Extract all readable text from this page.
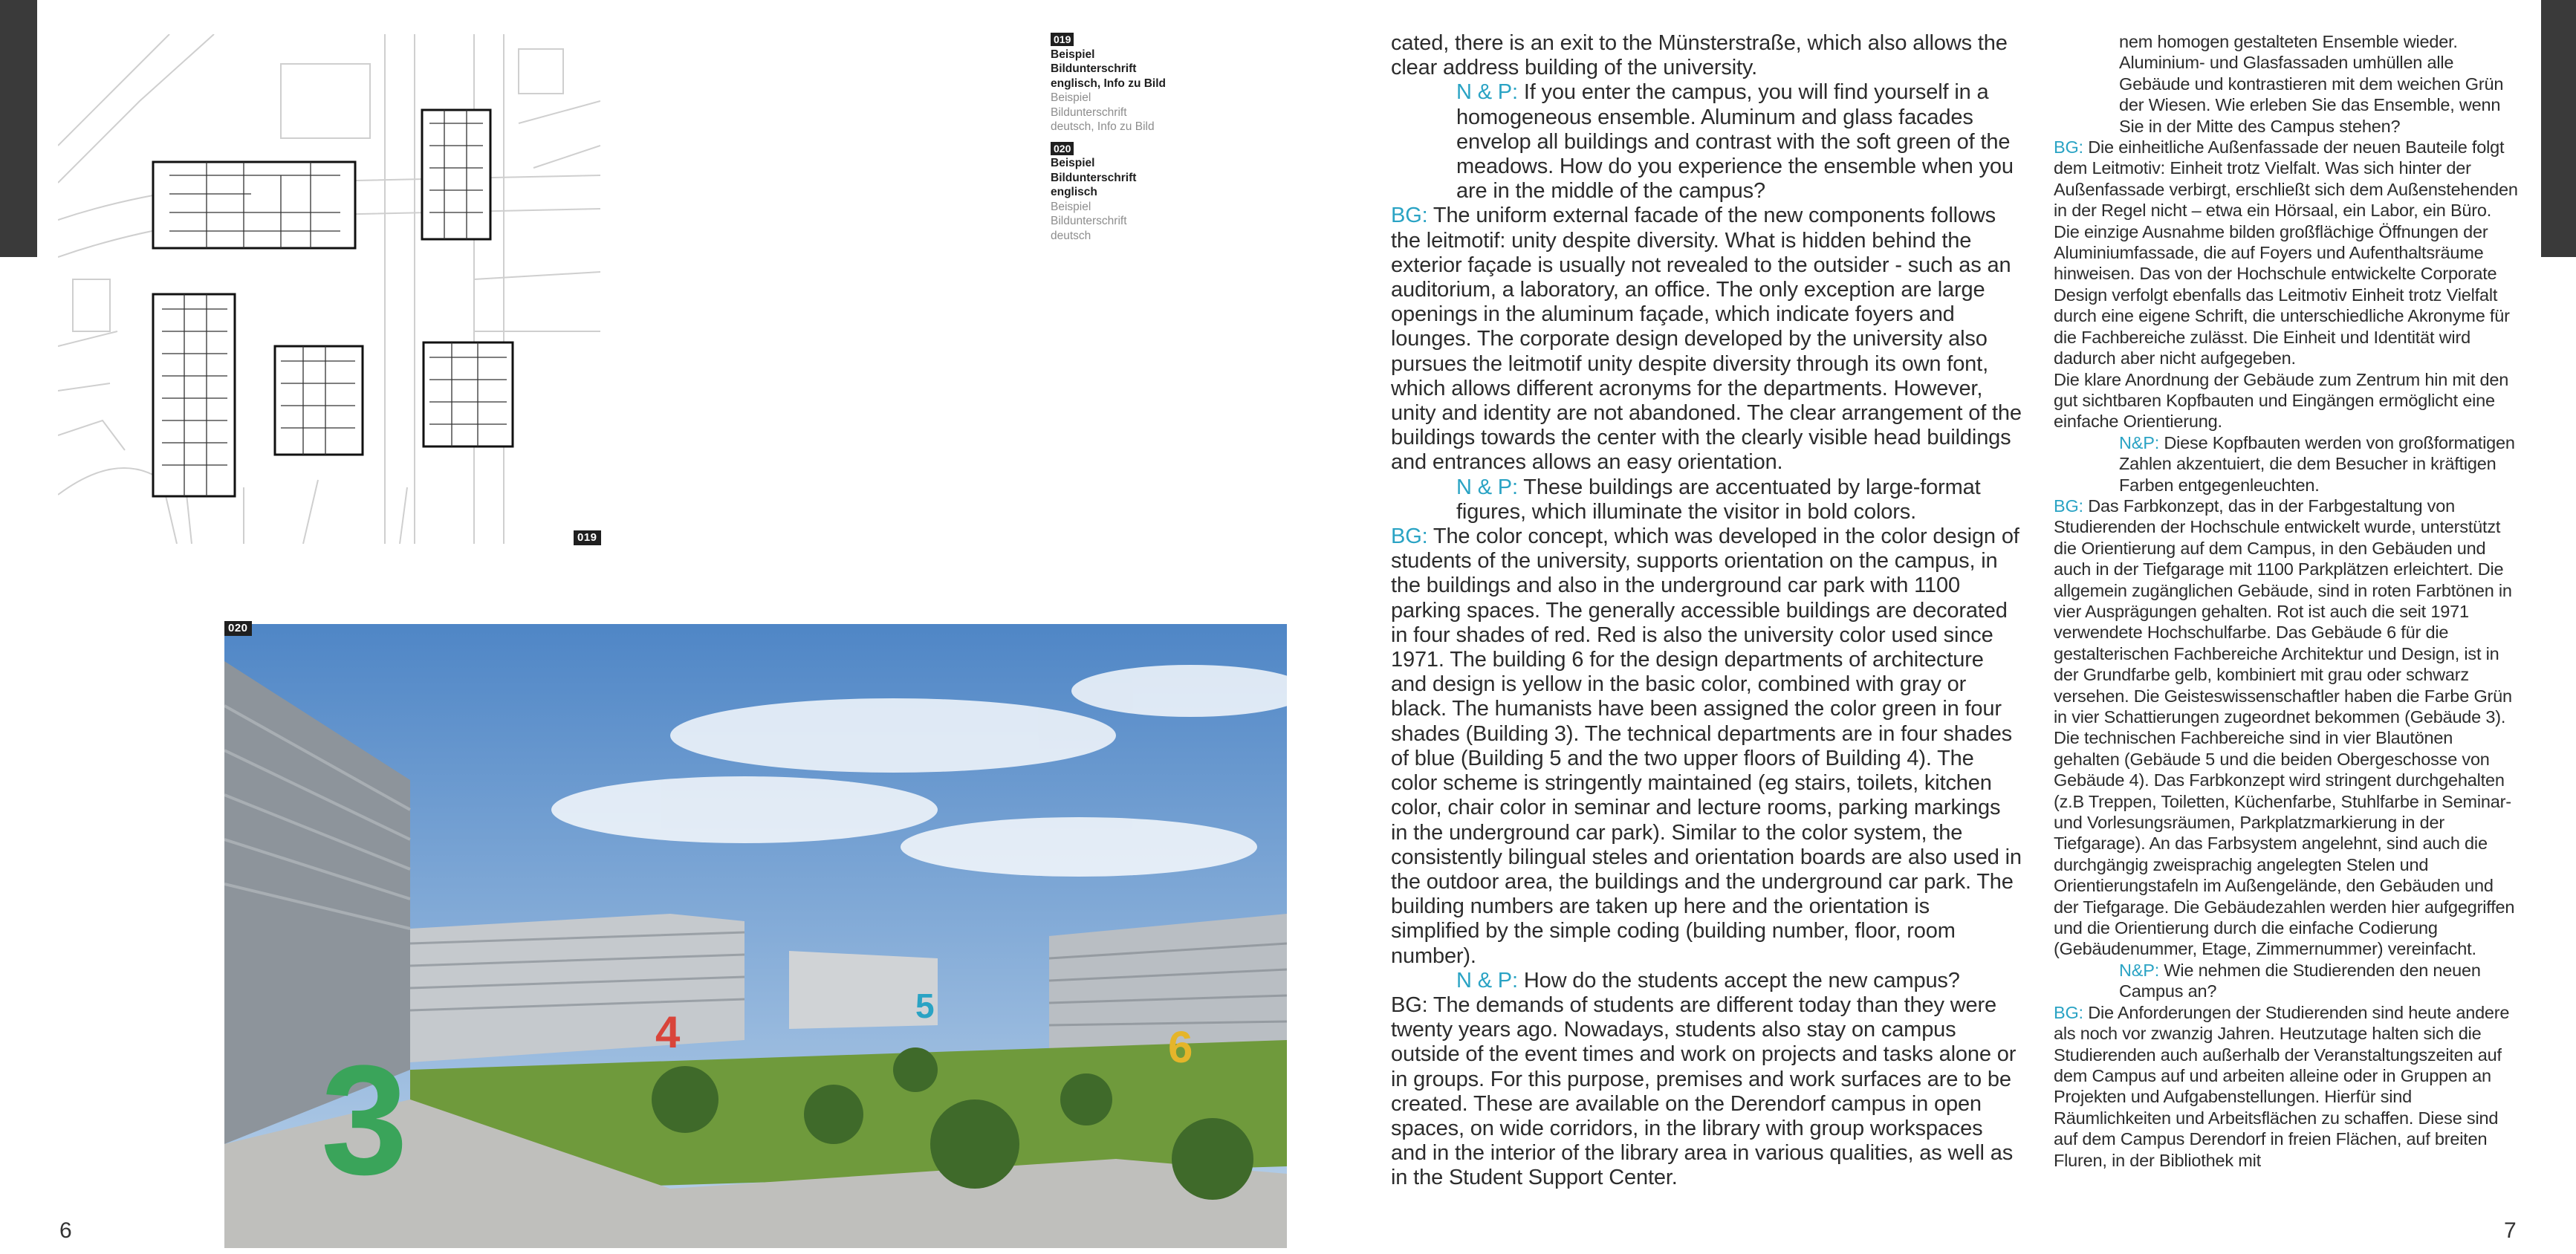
019
020
3
4
5
6
019
Beispiel Bildunterschrift englisch, Info zu Bild
Beispiel Bildunterschrift deutsch, Info zu Bild
020
Beispiel Bildunterschrift englisch
Beispiel Bildunterschrift deutsch

cated, there is an exit to the Münsterstraße, which also allows the clear address building of the university.

N & P: If you enter the campus, you will find yourself in a homogeneous ensemble. Aluminum and glass facades envelop all buildings and contrast with the soft green of the meadows. How do you experience the ensemble when you are in the middle of the campus?

BG: The uniform external facade of the new components follows the leitmotif: unity despite diversity. What is hidden behind the exterior façade is usually not revealed to the outsider - such as an auditorium, a laboratory, an office. The only exception are large openings in the aluminum façade, which indicate foyers and lounges. The corporate design developed by the university also pursues the leitmotif unity despite diversity through its own font, which allows different acronyms for the departments. However, unity and identity are not abandoned. The clear arrangement of the buildings towards the center with the clearly visible head buildings and entrances allows an easy orientation.

N & P: These buildings are accentuated by large-format figures, which illuminate the visitor in bold colors.

BG: The color concept, which was developed in the color design of students of the university, supports orientation on the campus, in the buildings and also in the underground car park with 1100 parking spaces. The generally accessible buildings are decorated in four shades of red. Red is also the university color used since 1971. The building 6 for the design departments of architecture and design is yellow in the basic color, combined with gray or black. The humanists have been assigned the color green in four shades (Building 3). The technical departments are in four shades of blue (Building 5 and the two upper floors of Building 4). The color scheme is stringently maintained (eg stairs, toilets, kitchen color, chair color in seminar and lecture rooms, parking markings in the underground car park). Similar to the color system, the consistently bilingual steles and orientation boards are also used in the outdoor area, the buildings and the underground car park. The building numbers are taken up here and the orientation is simplified by the simple coding (building number, floor, room number).

N & P: How do the students accept the new campus?

BG: The demands of students are different today than they were twenty years ago. Nowadays, students also stay on campus outside of the event times and work on projects and tasks alone or in groups. For this purpose, premises and work surfaces are to be created. These are available on the Derendorf campus in open spaces, on wide corridors, in the library with group workspaces and in the interior of the library area in various qualities, as well as in the Student Support Center.

nem homogen gestalteten Ensemble wieder. Aluminium- und Glasfassaden umhüllen alle Gebäude und kontrastieren mit dem weichen Grün der Wiesen. Wie erleben Sie das Ensemble, wenn Sie in der Mitte des Campus stehen?

BG: Die einheitliche Außenfassade der neuen Bauteile folgt dem Leitmotiv: Einheit trotz Vielfalt. Was sich hinter der Außenfassade verbirgt, erschließt sich dem Außenstehenden in der Regel nicht – etwa ein Hörsaal, ein Labor, ein Büro. Die einzige Ausnahme bilden großflächige Öffnungen der Aluminiumfassade, die auf Foyers und Aufenthaltsräume hinweisen. Das von der Hochschule entwickelte Corporate Design verfolgt ebenfalls das Leitmotiv Einheit trotz Vielfalt durch eine eigene Schrift, die unterschiedliche Akronyme für die Fachbereiche zulässt. Die Einheit und Identität wird dadurch aber nicht aufgegeben.

Die klare Anordnung der Gebäude zum Zentrum hin mit den gut sichtbaren Kopfbauten und Eingängen ermöglicht eine einfache Orientierung.

N&P: Diese Kopfbauten werden von großformatigen Zahlen akzentuiert, die dem Besucher in kräftigen Farben entgegenleuchten.

BG: Das Farbkonzept, das in der Farbgestaltung von Studierenden der Hochschule entwickelt wurde, unterstützt die Orientierung auf dem Campus, in den Gebäuden und auch in der Tiefgarage mit 1100 Parkplätzen erleichtert. Die allgemein zugänglichen Gebäude, sind in roten Farbtönen in vier Ausprägungen gehalten. Rot ist auch die seit 1971 verwendete Hochschulfarbe. Das Gebäude 6 für die gestalterischen Fachbereiche Architektur und Design, ist in der Grundfarbe gelb, kombiniert mit grau oder schwarz versehen. Die Geisteswissenschaftler haben die Farbe Grün in vier Schattierungen zugeordnet bekommen (Gebäude 3). Die technischen Fachbereiche sind in vier Blautönen gehalten (Gebäude 5 und die beiden Obergeschosse von Gebäude 4). Das Farbkonzept wird stringent durchgehalten (z.B Treppen, Toiletten, Küchenfarbe, Stuhlfarbe in Seminar- und Vorlesungsräumen, Parkplatzmarkierung in der Tiefgarage). An das Farbsystem angelehnt, sind auch die durchgängig zweisprachig angelegten Stelen und Orientierungstafeln im Außengelände, den Gebäuden und der Tiefgarage. Die Gebäudezahlen werden hier aufgegriffen und die Orientierung durch die einfache Codierung (Gebäudenummer, Etage, Zimmernummer) vereinfacht.

N&P: Wie nehmen die Studierenden den neuen Campus an?

BG: Die Anforderungen der Studierenden sind heute andere als noch vor zwanzig Jahren. Heutzutage halten sich die Studierenden auch außerhalb der Veranstaltungszeiten auf dem Campus auf und arbeiten alleine oder in Gruppen an Projekten und Aufgabenstellungen. Hierfür sind Räumlichkeiten und Arbeitsflächen zu schaffen. Diese sind auf dem Campus Derendorf in freien Flächen, auf breiten Fluren, in der Bibliothek mit

6	7
